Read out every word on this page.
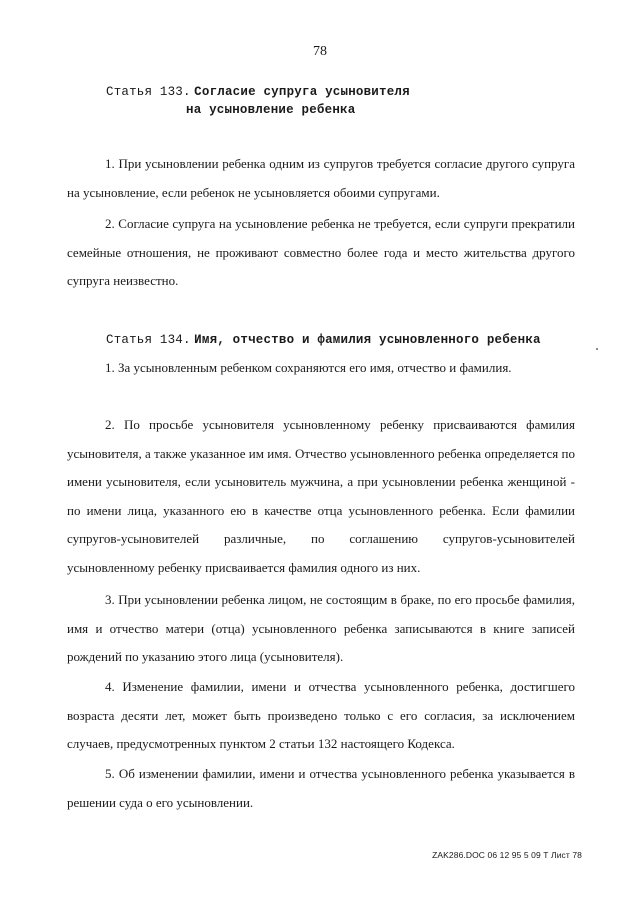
78
Статья 133. Согласие супруга усыновителя
на усыновление ребенка

1. При усыновлении ребенка одним из супругов требуется согласие другого супруга на усыновление, если ребенок не усыновляется обоими супругами.

2. Согласие супруга на усыновление ребенка не требуется, если супруги прекратили семейные отношения, не проживают совместно более года и место жительства другого супруга неизвестно.

Статья 134. Имя, отчество и фамилия усыновленного ребенка

1. За усыновленным ребенком сохраняются его имя, отчество и фамилия.

2. По просьбе усыновителя усыновленному ребенку присваиваются фамилия усыновителя, а также указанное им имя. Отчество усыновленного ребенка определяется по имени усыновителя, если усыновитель мужчина, а при усыновлении ребенка женщиной - по имени лица, указанного ею в качестве отца усыновленного ребенка. Если фамилии супругов-усыновителей различные, по соглашению супругов-усыновителей усыновленному ребенку присваивается фамилия одного из них.

3. При усыновлении ребенка лицом, не состоящим в браке, по его просьбе фамилия, имя и отчество матери (отца) усыновленного ребенка записываются в книге записей рождений по указанию этого лица (усыновителя).

4. Изменение фамилии, имени и отчества усыновленного ребенка, достигшего возраста десяти лет, может быть произведено только с его согласия, за исключением случаев, предусмотренных пунктом 2 статьи 132 настоящего Кодекса.

5. Об изменении фамилии, имени и отчества усыновленного ребенка указывается в решении суда о его усыновлении.

ZAK286.DOC 06 12 95 5 09 Т Лист 78
